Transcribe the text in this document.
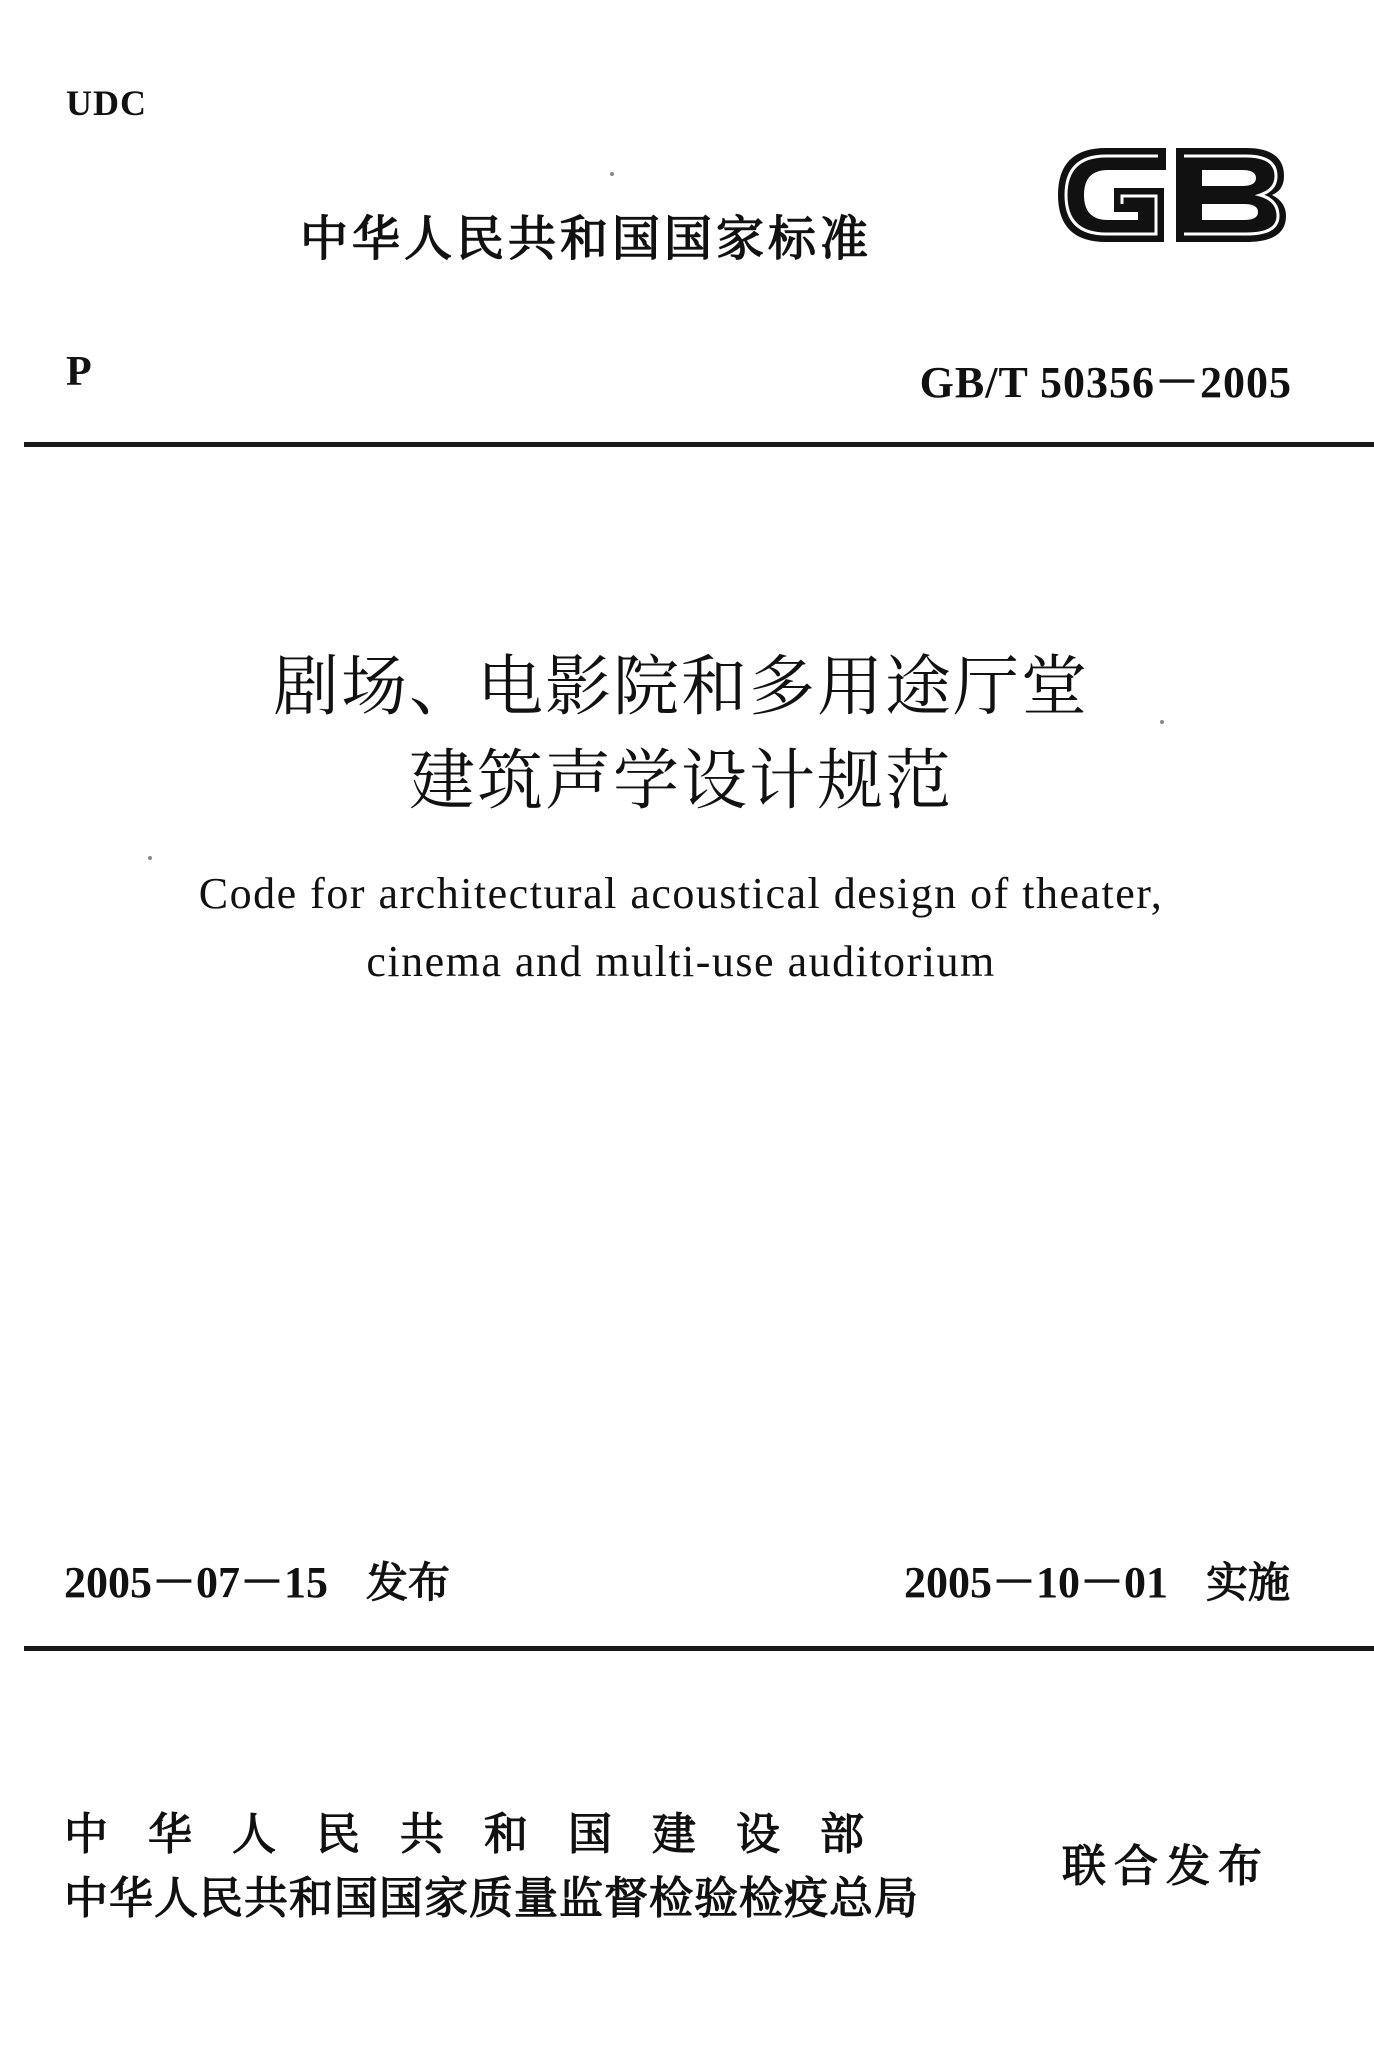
UDC
中华人民共和国国家标准
P	GB/T 50356－2005
剧场、电影院和多用途厅堂
建筑声学设计规范
Code for architectural acoustical design of theater,
cinema and multi-use auditorium
2005－07－15 发布	2005－10－01 实施
中华人民共和国建设部
中华人民共和国国家质量监督检验检疫总局
联合发布
